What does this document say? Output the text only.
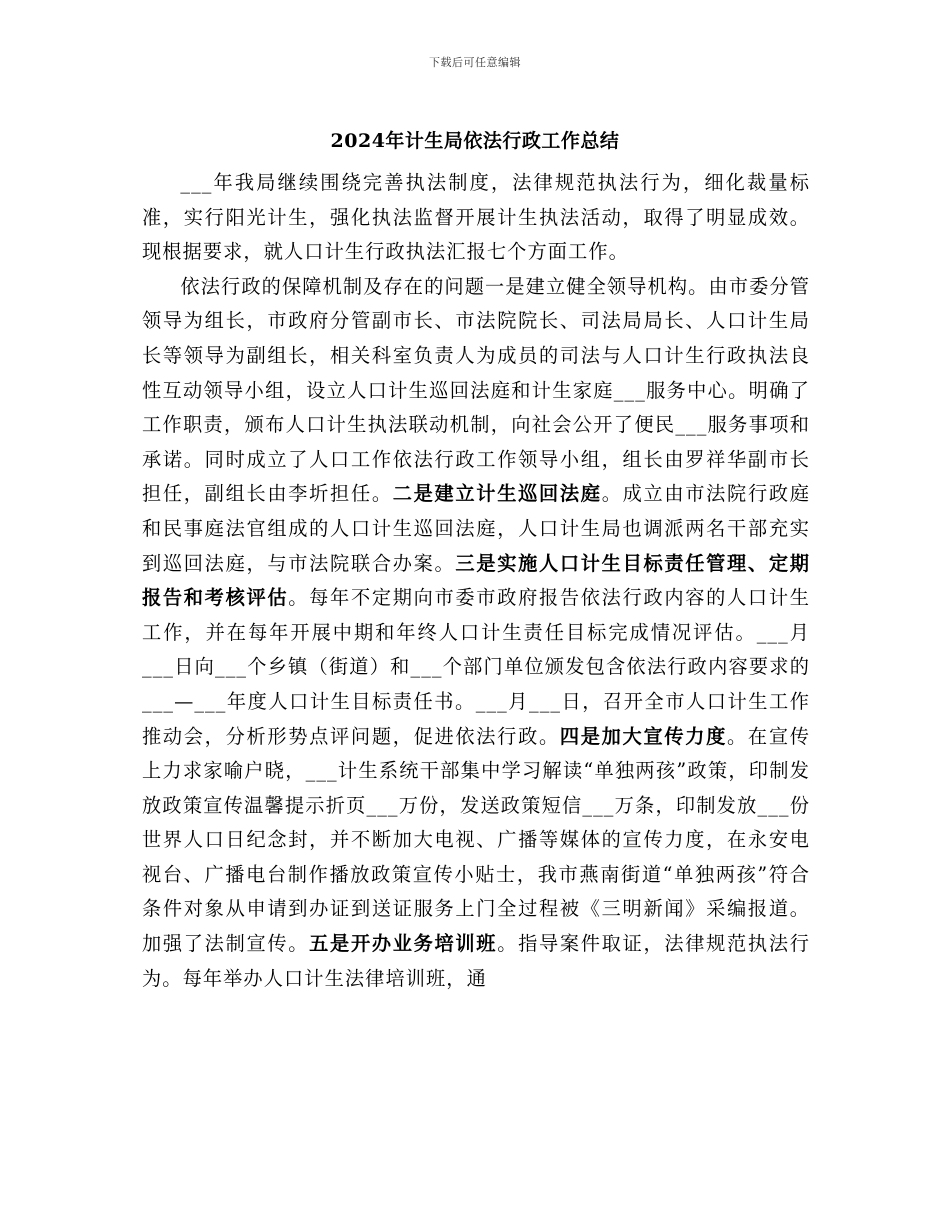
下载后可任意编辑
2024年计生局依法行政工作总结

___年我局继续围绕完善执法制度，法律规范执法行为，细化裁量标准，实行阳光计生，强化执法监督开展计生执法活动，取得了明显成效。现根据要求，就人口计生行政执法汇报七个方面工作。

依法行政的保障机制及存在的问题一是建立健全领导机构。由市委分管领导为组长，市政府分管副市长、市法院院长、司法局局长、人口计生局长等领导为副组长，相关科室负责人为成员的司法与人口计生行政执法良性互动领导小组，设立人口计生巡回法庭和计生家庭___服务中心。明确了工作职责，颁布人口计生执法联动机制，向社会公开了便民___服务事项和承诺。同时成立了人口工作依法行政工作领导小组，组长由罗祥华副市长担任，副组长由李圻担任。二是建立计生巡回法庭。成立由市法院行政庭和民事庭法官组成的人口计生巡回法庭，人口计生局也调派两名干部充实到巡回法庭，与市法院联合办案。三是实施人口计生目标责任管理、定期报告和考核评估。每年不定期向市委市政府报告依法行政内容的人口计生工作，并在每年开展中期和年终人口计生责任目标完成情况评估。___月___日向___个乡镇（街道）和___个部门单位颁发包含依法行政内容要求的___—___年度人口计生目标责任书。___月___日，召开全市人口计生工作推动会，分析形势点评问题，促进依法行政。四是加大宣传力度。在宣传上力求家喻户晓，___计生系统干部集中学习解读“单独两孩”政策，印制发放政策宣传温馨提示折页___万份，发送政策短信___万条，印制发放___份世界人口日纪念封，并不断加大电视、广播等媒体的宣传力度，在永安电视台、广播电台制作播放政策宣传小贴士，我市燕南街道“单独两孩”符合条件对象从申请到办证到送证服务上门全过程被《三明新闻》采编报道。加强了法制宣传。五是开办业务培训班。指导案件取证，法律规范执法行为。每年举办人口计生法律培训班，通
